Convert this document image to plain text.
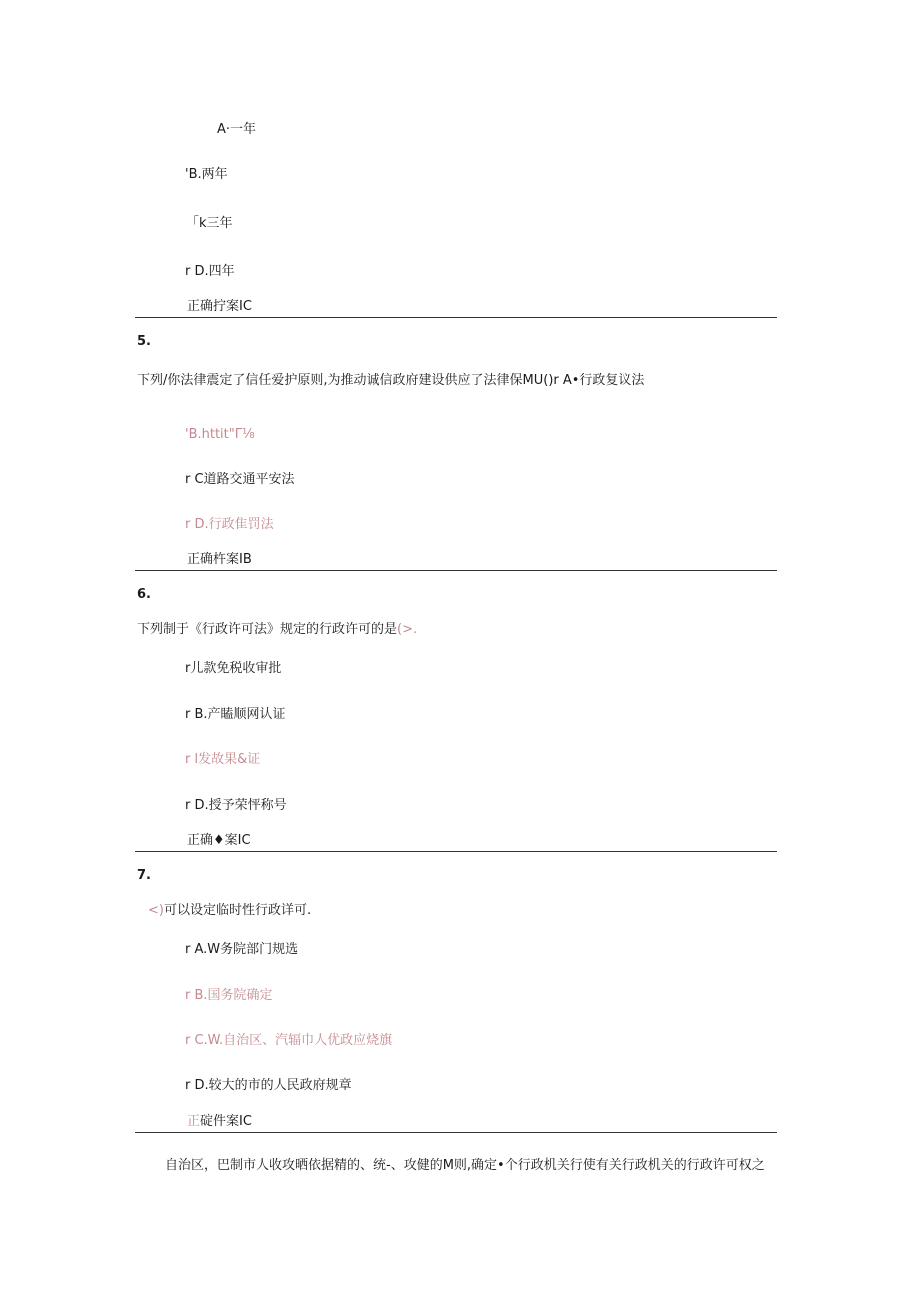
A·一年
'B.两年
「k三年
r D.四年
正确拧案IC
5.
下列/你法律震定了信任爱护原则,为推动诚信政府建设供应了法律保MU()r A•行政复议法
'B.httit"Γ⅛
r C道路交通平安法
r D.行政隹罚法
正确杵案IB
6.
下列制于《行政许可法》规定的行政许可的是(>.
r儿款免税收审批
r B.产瞌顺网认证
r l发故果&证
r D.授予荣怦称号
正确♦案IC
7.
<)可以设定临时性行政详可.
r A.W务院部门规选
r B.国务院确定
r C.W.自治区、汽辐巾人优政应烧旗
r D.较大的市的人民政府规章
正碇件案IC
自治区，巴制市人收攻晒依据精的、统-、攻健的M则,确定•个行政机关行使有关行政机关的行政许可权之
